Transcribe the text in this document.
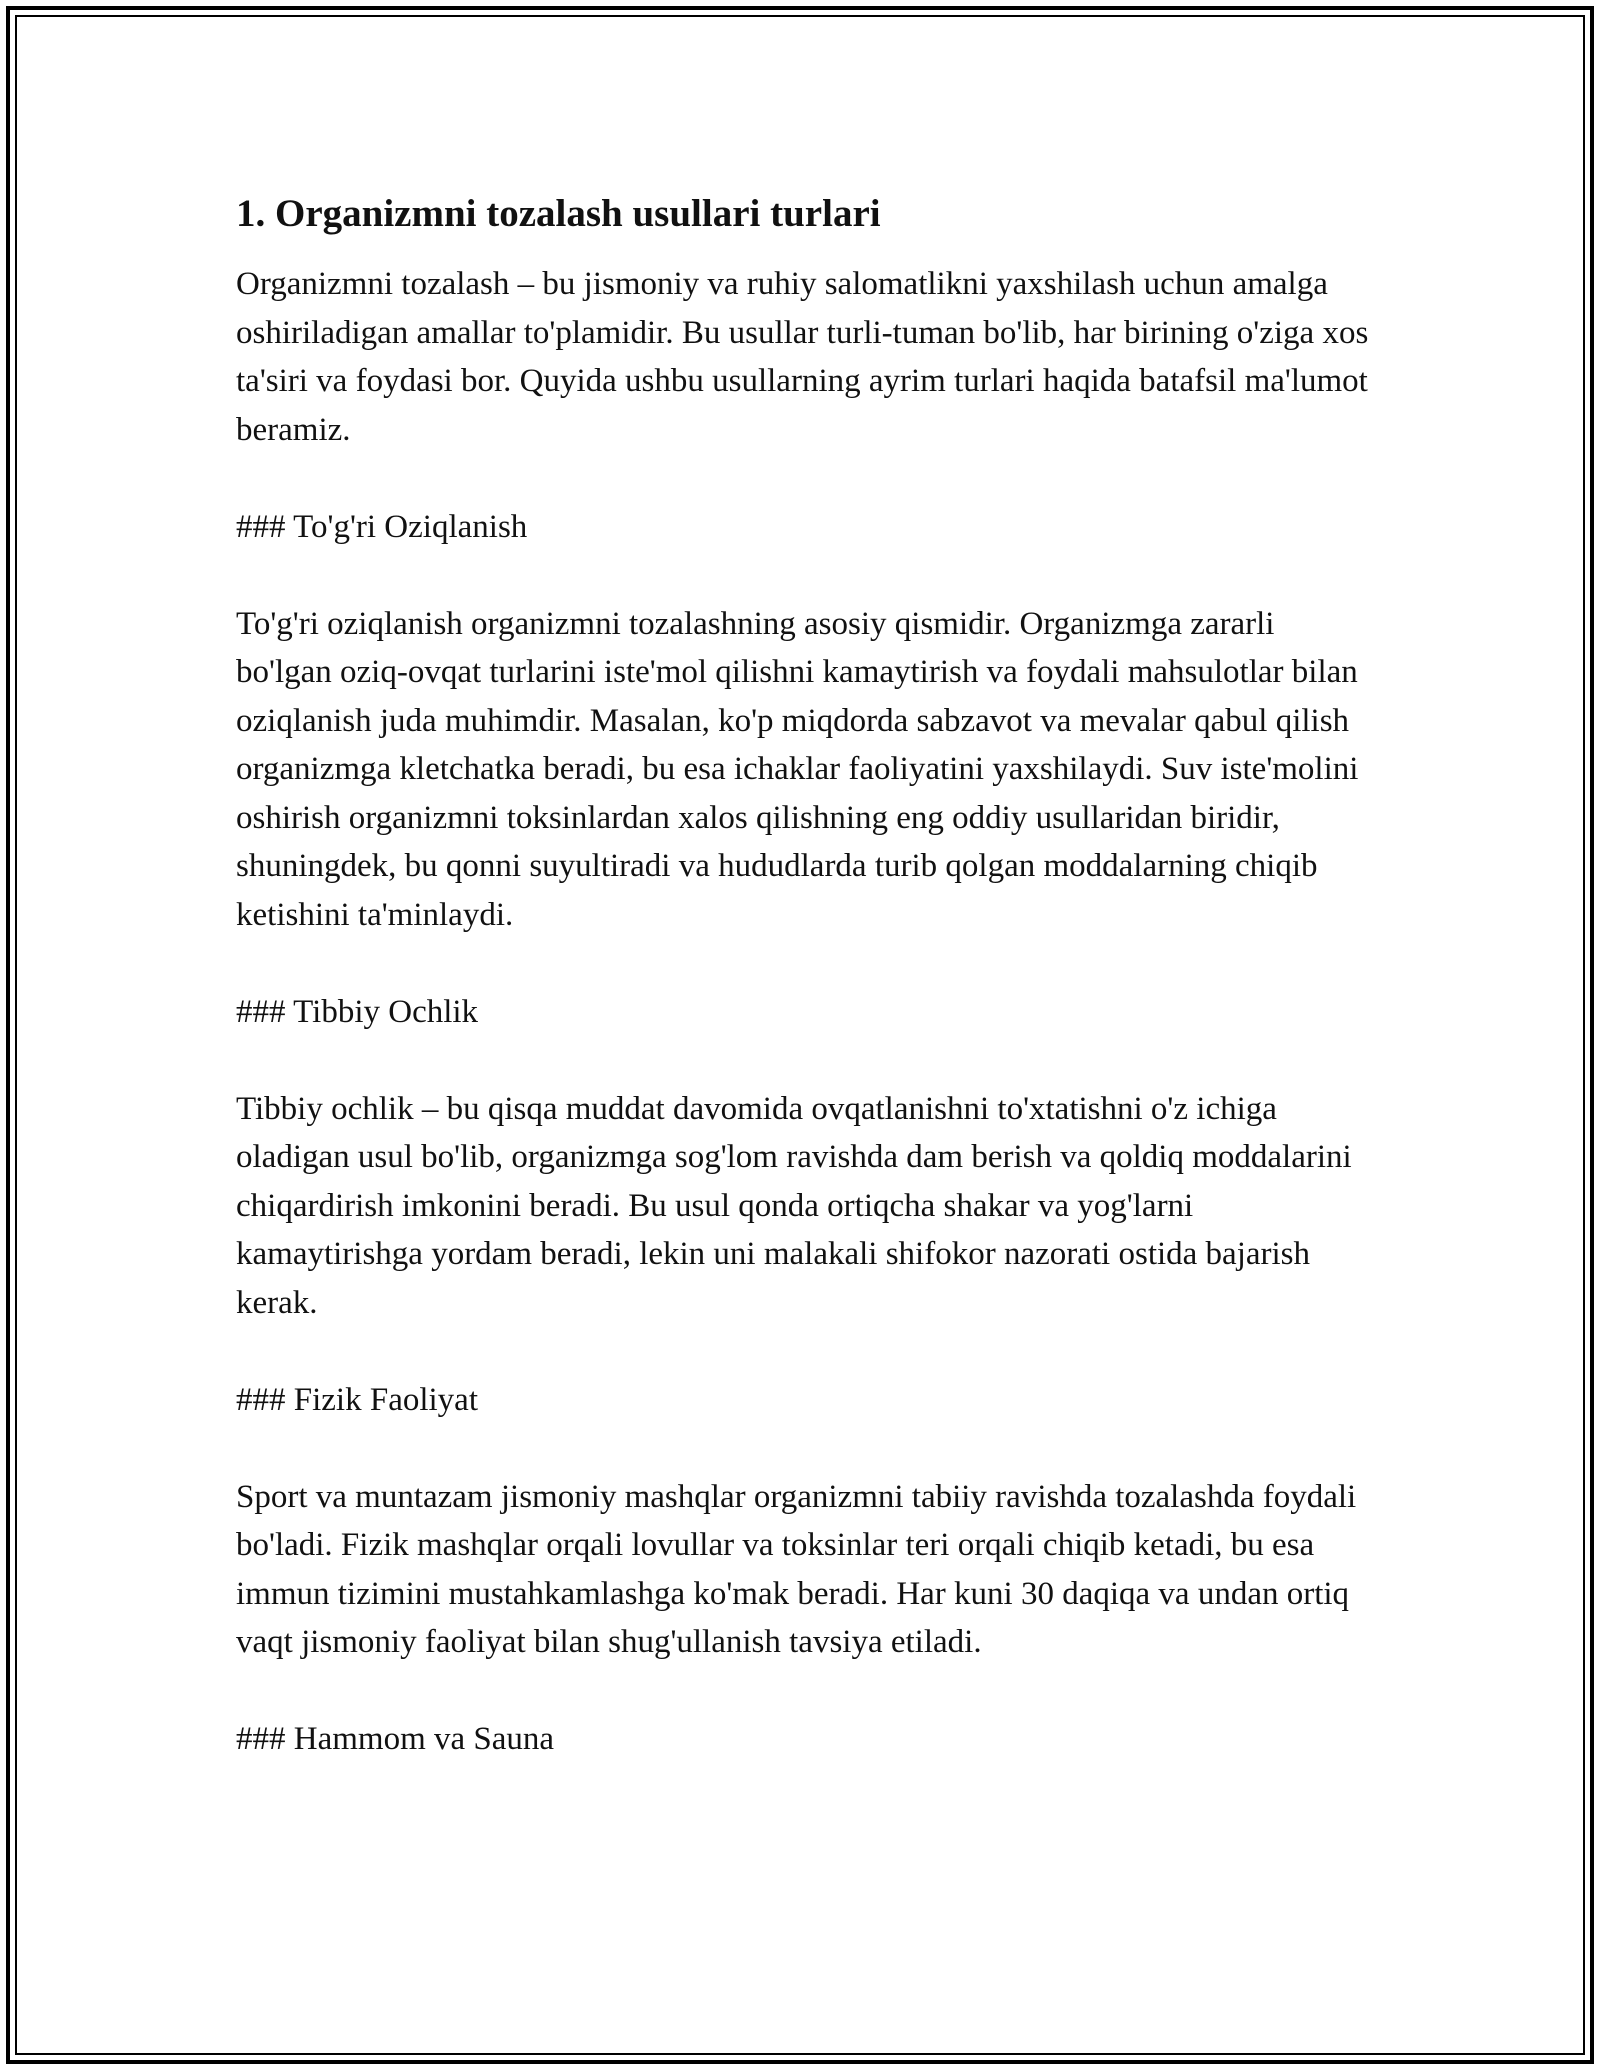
1. Organizmni tozalash usullari turlari

Organizmni tozalash – bu jismoniy va ruhiy salomatlikni yaxshilash uchun amalga oshiriladigan amallar to'plamidir. Bu usullar turli-tuman bo'lib, har birining o'ziga xos ta'siri va foydasi bor. Quyida ushbu usullarning ayrim turlari haqida batafsil ma'lumot beramiz.

### To'g'ri Oziqlanish

To'g'ri oziqlanish organizmni tozalashning asosiy qismidir. Organizmga zararli bo'lgan oziq-ovqat turlarini iste'mol qilishni kamaytirish va foydali mahsulotlar bilan oziqlanish juda muhimdir. Masalan, ko'p miqdorda sabzavot va mevalar qabul qilish organizmga kletchatka beradi, bu esa ichaklar faoliyatini yaxshilaydi. Suv iste'molini oshirish organizmni toksinlardan xalos qilishning eng oddiy usullaridan biridir, shuningdek, bu qonni suyultiradi va hududlarda turib qolgan moddalarning chiqib ketishini ta'minlaydi.

### Tibbiy Ochlik

Tibbiy ochlik – bu qisqa muddat davomida ovqatlanishni to'xtatishni o'z ichiga oladigan usul bo'lib, organizmga sog'lom ravishda dam berish va qoldiq moddalarini chiqardirish imkonini beradi. Bu usul qonda ortiqcha shakar va yog'larni kamaytirishga yordam beradi, lekin uni malakali shifokor nazorati ostida bajarish kerak.

### Fizik Faoliyat

Sport va muntazam jismoniy mashqlar organizmni tabiiy ravishda tozalashda foydali bo'ladi. Fizik mashqlar orqali lovullar va toksinlar teri orqali chiqib ketadi, bu esa immun tizimini mustahkamlashga ko'mak beradi. Har kuni 30 daqiqa va undan ortiq vaqt jismoniy faoliyat bilan shug'ullanish tavsiya etiladi.

### Hammom va Sauna
